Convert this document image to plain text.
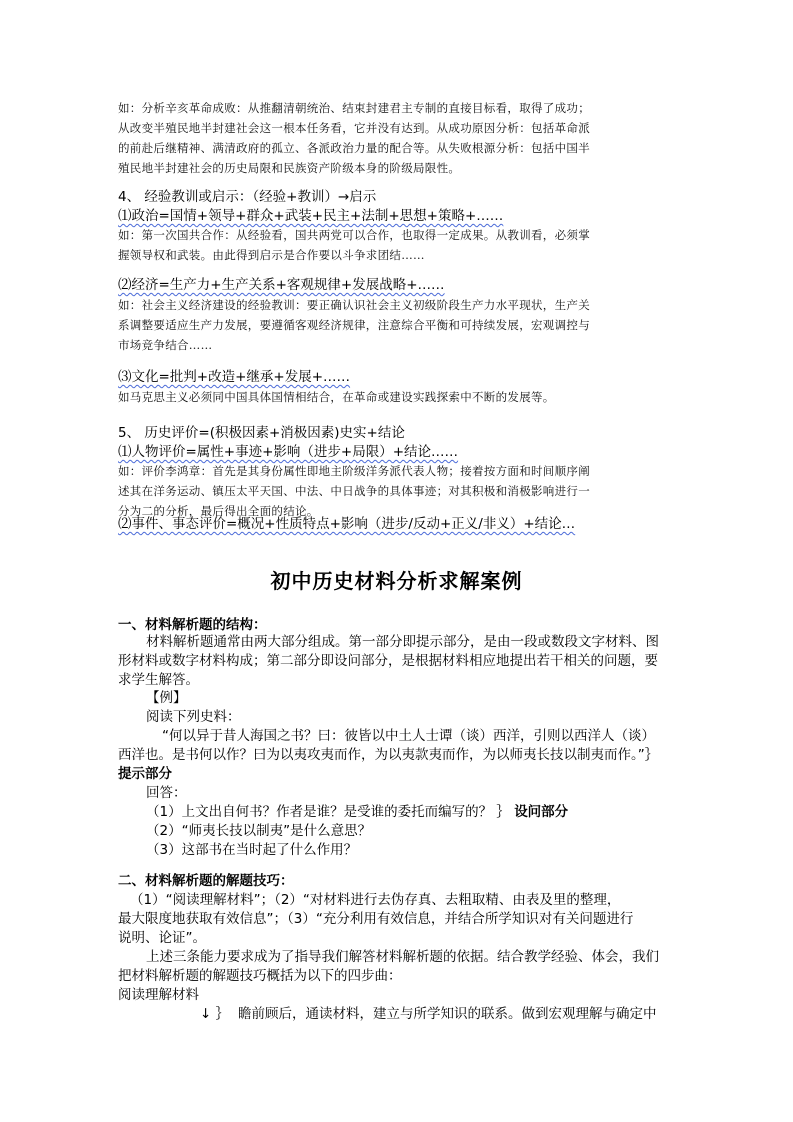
如：分析辛亥革命成败：从推翻清朝统治、结束封建君主专制的直接目标看，取得了成功；
从改变半殖民地半封建社会这一根本任务看，它并没有达到。从成功原因分析：包括革命派
的前赴后继精神、满清政府的孤立、各派政治力量的配合等。从失败根源分析：包括中国半
殖民地半封建社会的历史局限和民族资产阶级本身的阶级局限性。
4、 经验教训或启示：（经验+教训）→启示
⑴政治=国情+领导+群众+武装+民主+法制+思想+策略+……
如：第一次国共合作：从经验看，国共两党可以合作，也取得一定成果。从教训看，必须掌
握领导权和武装。由此得到启示是合作要以斗争求团结……
⑵经济=生产力+生产关系+客观规律+发展战略+……
如：社会主义经济建设的经验教训：要正确认识社会主义初级阶段生产力水平现状，生产关
系调整要适应生产力发展，要遵循客观经济规律，注意综合平衡和可持续发展，宏观调控与
市场竞争结合……
⑶文化=批判+改造+继承+发展+……
如马克思主义必须同中国具体国情相结合，在革命或建设实践探索中不断的发展等。
5、 历史评价=(积极因素+消极因素)史实+结论
⑴人物评价=属性+事迹+影响（进步+局限）+结论……
如：评价李鸿章：首先是其身份属性即地主阶级洋务派代表人物；接着按方面和时间顺序阐
述其在洋务运动、镇压太平天国、中法、中日战争的具体事迹；对其积极和消极影响进行一
分为二的分析，最后得出全面的结论。
⑵事件、事态评价=概况+性质特点+影响（进步/反动+正义/非义）+结论…
初中历史材料分析求解案例
一、材料解析题的结构：
材料解析题通常由两大部分组成。第一部分即提示部分，是由一段或数段文字材料、图
形材料或数字材料构成；第二部分即设问部分，是根据材料相应地提出若干相关的问题，要
求学生解答。
【例】
阅读下列史料：
“何以异于昔人海国之书？曰：彼皆以中土人士谭（谈）西洋，引则以西洋人（谈）
西洋也。是书何以作？曰为以夷攻夷而作，为以夷款夷而作，为以师夷长技以制夷而作。”｝
提示部分
回答：
（1）上文出自何书？作者是谁？是受谁的委托而编写的？ ｝ 设问部分
（2）“师夷长技以制夷”是什么意思？
（3）这部书在当时起了什么作用？
二、材料解析题的解题技巧：
（1）“阅读理解材料”；（2）“对材料进行去伪存真、去粗取精、由表及里的整理，
最大限度地获取有效信息”；（3）“充分利用有效信息，并结合所学知识对有关问题进行
说明、论证”。
上述三条能力要求成为了指导我们解答材料解析题的依据。结合教学经验、体会，我们
把材料解析题的解题技巧概括为以下的四步曲：
阅读理解材料
↓ ｝ 瞻前顾后，通读材料，建立与所学知识的联系。做到宏观理解与确定中
